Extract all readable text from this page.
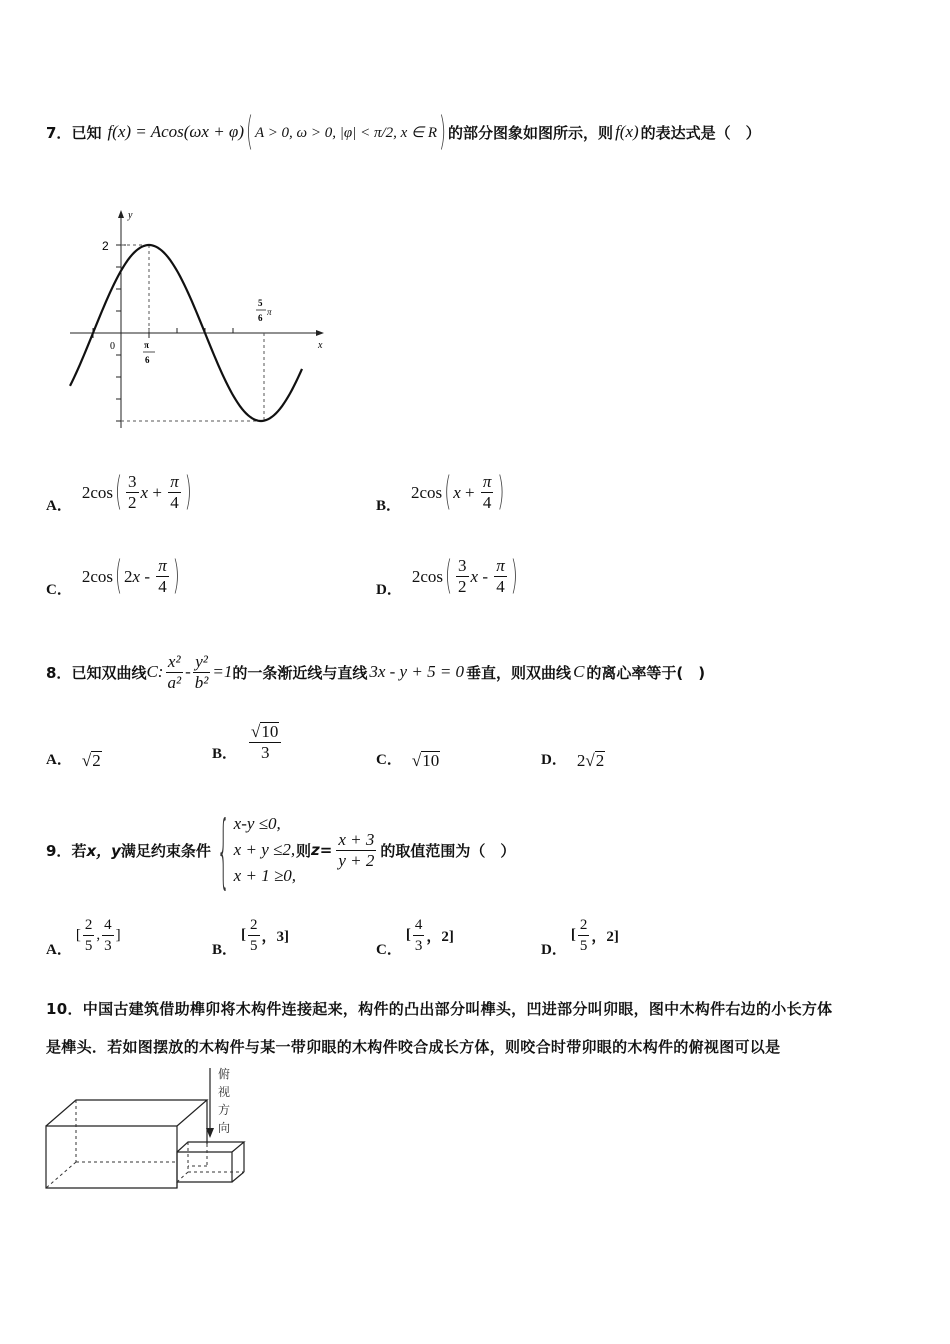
7． 已知 f(x) = Acos(ωx + φ) ( A > 0, ω > 0, |φ| < π/2, x ∈ R ) 的部分图象如图所示，则 f(x) 的表达式是（　）
y
x
0
2
π
6
5
6
π
A．
2cos ( $\frac{3}{2}$ $x + \frac{\pi}{4}$ )	B．
2cos ( $x + \frac{\pi}{4}$ )
C．
2cos ( 2 x - $\frac{\pi}{4}$ )	D．
2cos ( $\frac{3}{2}$ x - $\frac{\pi}{4}$ )
8． 已知双曲线 C: $\frac{\text{x²}}{\text{a²}} - \frac{\text{y²}}{\text{b²}} =1$ 的一条渐近线与直线 3x - y + 5 = 0 垂直，则双曲线 C 的离心率等于(　)
A． √ 2	B． $\frac{√ 10}{3}$	C． √ 10	D． 2√ 2
9． 若 x，y 满足约束条件 { x-y ≤0,
x + y ≤2,
x + 1 ≥0,
则 $z= \frac{x + 3}{y + 2}$ 的取值范围为（　）
A．
[ $\frac{2}{5}$ , $\frac{4}{3}$ ]
B．
[ $\frac{2}{5}$ ，3]
C．
[ $\frac{4}{3}$ ，2]
D．
[ $\frac{2}{5}$ ，2]
10．中国古建筑借助榫卯将木构件连接起来，构件的凸出部分叫榫头，凹进部分叫卯眼，图中木构件右边的小长方体
是榫头．若如图摆放的木构件与某一带卯眼的木构件咬合成长方体，则咬合时带卯眼的木构件的俯视图可以是
俯
视
方
向
